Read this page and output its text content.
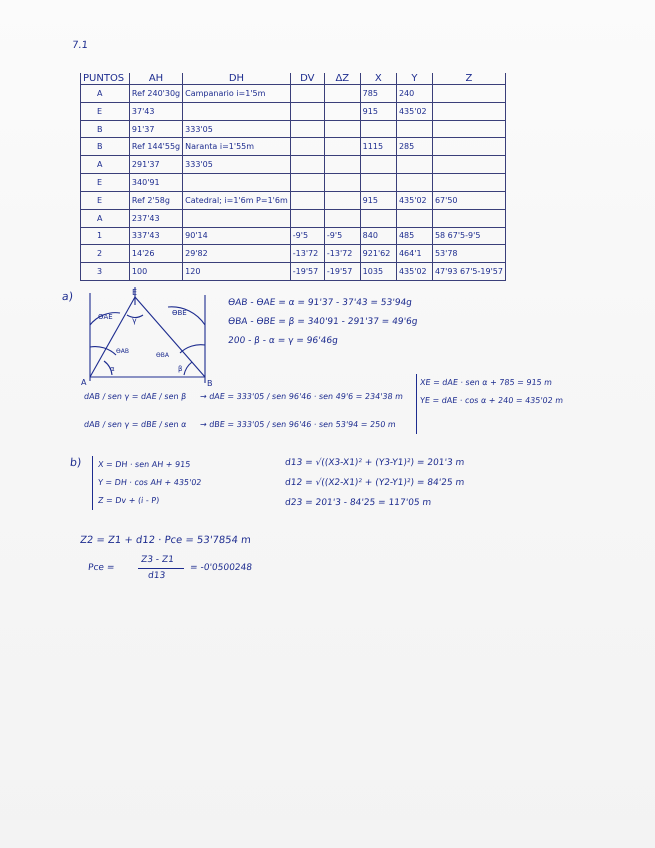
7.1
PUNTOS	AH	DH	DV	ΔZ	X	Y	Z
A	Ref 240'30g	Campanario i=1'5m			785	240	
E	37'43				915	435'02	
B	91'37	333'05					
B	Ref 144'55g	Naranta i=1'55m			1115	285	
A	291'37	333'05					
E	340'91						
E	Ref 2'58g	Catedral; i=1'6m P=1'6m			915	435'02	67'50
A	237'43						
1	337'43	90'14	-9'5	-9'5	840	485	58 67'5-9'5
2	14'26	29'82	-13'72	-13'72	921'62	464'1	53'78
3	100	120	-19'57	-19'57	1035	435'02	47'93 67'5-19'57
a)	E
A	B
ϴAE	ϴBE
γ
α	β
ϴAB
ϴBA
ϴAB - ϴAE = α = 91'37 - 37'43 = 53'94g
ϴBA - ϴBE = β = 340'91 - 291'37 = 49'6g
200 - β - α = γ = 96'46g
dAB / sen γ = dAE / sen β → dAE = 333'05 / sen 96'46 · sen 49'6 = 234'38 m
dAB / sen γ = dBE / sen α → dBE = 333'05 / sen 96'46 · sen 53'94 = 250 m
XE = dAE · sen α + 785 = 915 m
YE = dAE · cos α + 240 = 435'02 m
b) X = DH · sen AH + 915
Y = DH · cos AH + 435'02
Z = Dv + (i - P)
d13 = √((X3-X1)² + (Y3-Y1)²) = 201'3 m
d12 = √((X2-X1)² + (Y2-Y1)²) = 84'25 m
d23 = 201'3 - 84'25 = 117'05 m
Z2 = Z1 + d12 · Pce = 53'7854 m
Pce =
Z3 - Z1
d13
= -0'0500248
